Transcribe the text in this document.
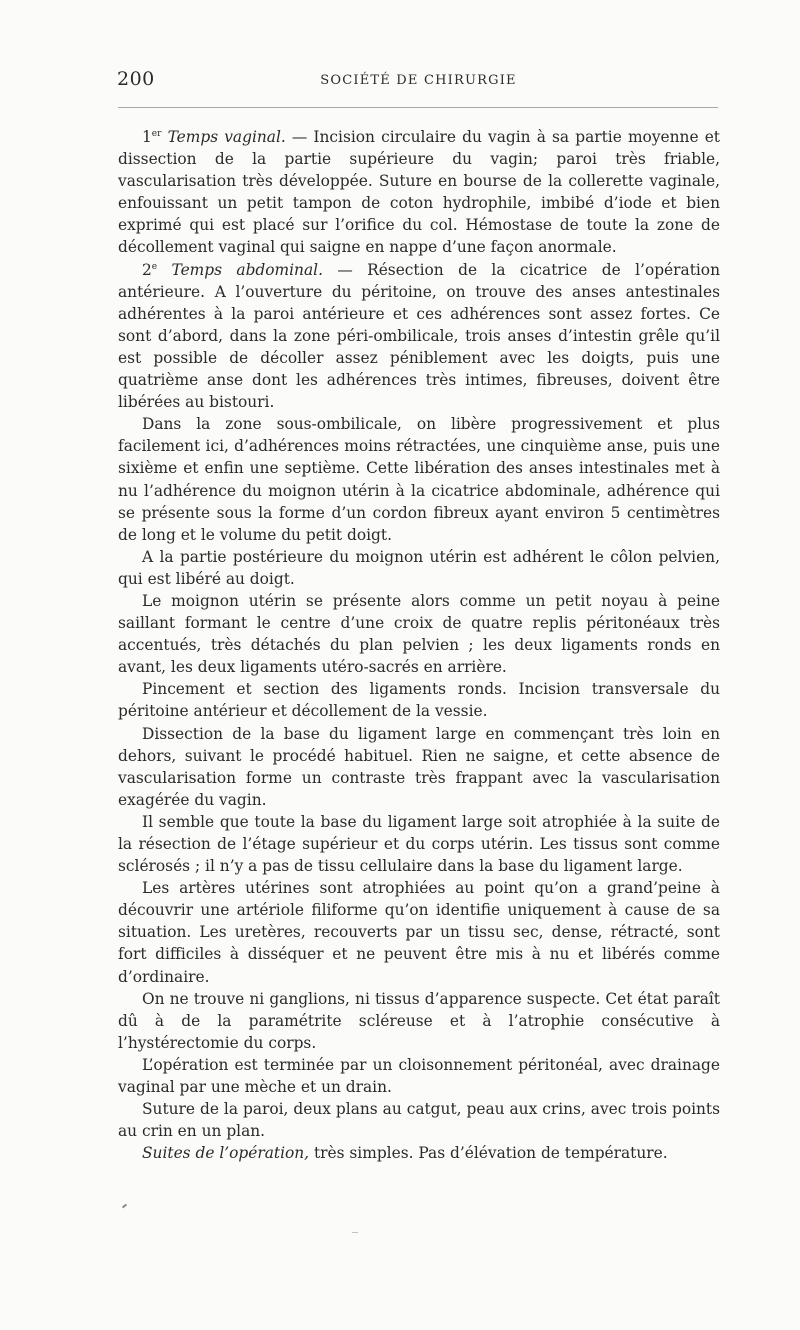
200	SOCIÉTÉ DE CHIRURGIE

1er Temps vaginal. — Incision circulaire du vagin à sa partie moyenne et dissection de la partie supérieure du vagin; paroi très friable, vascularisation très développée. Suture en bourse de la collerette vaginale, enfouissant un petit tampon de coton hydrophile, imbibé d’iode et bien exprimé qui est placé sur l’orifice du col. Hémostase de toute la zone de décollement vaginal qui saigne en nappe d’une façon anormale.

2e Temps abdominal. — Résection de la cicatrice de l’opération antérieure. A l’ouverture du péritoine, on trouve des anses antestinales adhérentes à la paroi antérieure et ces adhérences sont assez fortes. Ce sont d’abord, dans la zone péri-ombilicale, trois anses d’intestin grêle qu’il est possible de décoller assez péniblement avec les doigts, puis une quatrième anse dont les adhérences très intimes, fibreuses, doivent être libérées au bistouri.

Dans la zone sous-ombilicale, on libère progressivement et plus facilement ici, d’adhérences moins rétractées, une cinquième anse, puis une sixième et enfin une septième. Cette libération des anses intestinales met à nu l’adhérence du moignon utérin à la cicatrice abdominale, adhérence qui se présente sous la forme d’un cordon fibreux ayant environ 5 centimètres de long et le volume du petit doigt.

A la partie postérieure du moignon utérin est adhérent le côlon pelvien, qui est libéré au doigt.

Le moignon utérin se présente alors comme un petit noyau à peine saillant formant le centre d’une croix de quatre replis péritonéaux très accentués, très détachés du plan pelvien ; les deux ligaments ronds en avant, les deux ligaments utéro-sacrés en arrière.

Pincement et section des ligaments ronds. Incision transversale du péritoine antérieur et décollement de la vessie.

Dissection de la base du ligament large en commençant très loin en dehors, suivant le procédé habituel. Rien ne saigne, et cette absence de vascularisation forme un contraste très frappant avec la vascularisation exagérée du vagin.

Il semble que toute la base du ligament large soit atrophiée à la suite de la résection de l’étage supérieur et du corps utérin. Les tissus sont comme sclérosés ; il n’y a pas de tissu cellulaire dans la base du ligament large.

Les artères utérines sont atrophiées au point qu’on a grand’peine à découvrir une artériole filiforme qu’on identifie uniquement à cause de sa situation. Les uretères, recouverts par un tissu sec, dense, rétracté, sont fort difficiles à disséquer et ne peuvent être mis à nu et libérés comme d’ordinaire.

On ne trouve ni ganglions, ni tissus d’apparence suspecte. Cet état paraît dû à de la paramétrite scléreuse et à l’atrophie consécutive à l’hystérectomie du corps.

L’opération est terminée par un cloisonnement péritonéal, avec drainage vaginal par une mèche et un drain.

Suture de la paroi, deux plans au catgut, peau aux crins, avec trois points au crin en un plan.

Suites de l’opération, très simples. Pas d’élévation de température.
